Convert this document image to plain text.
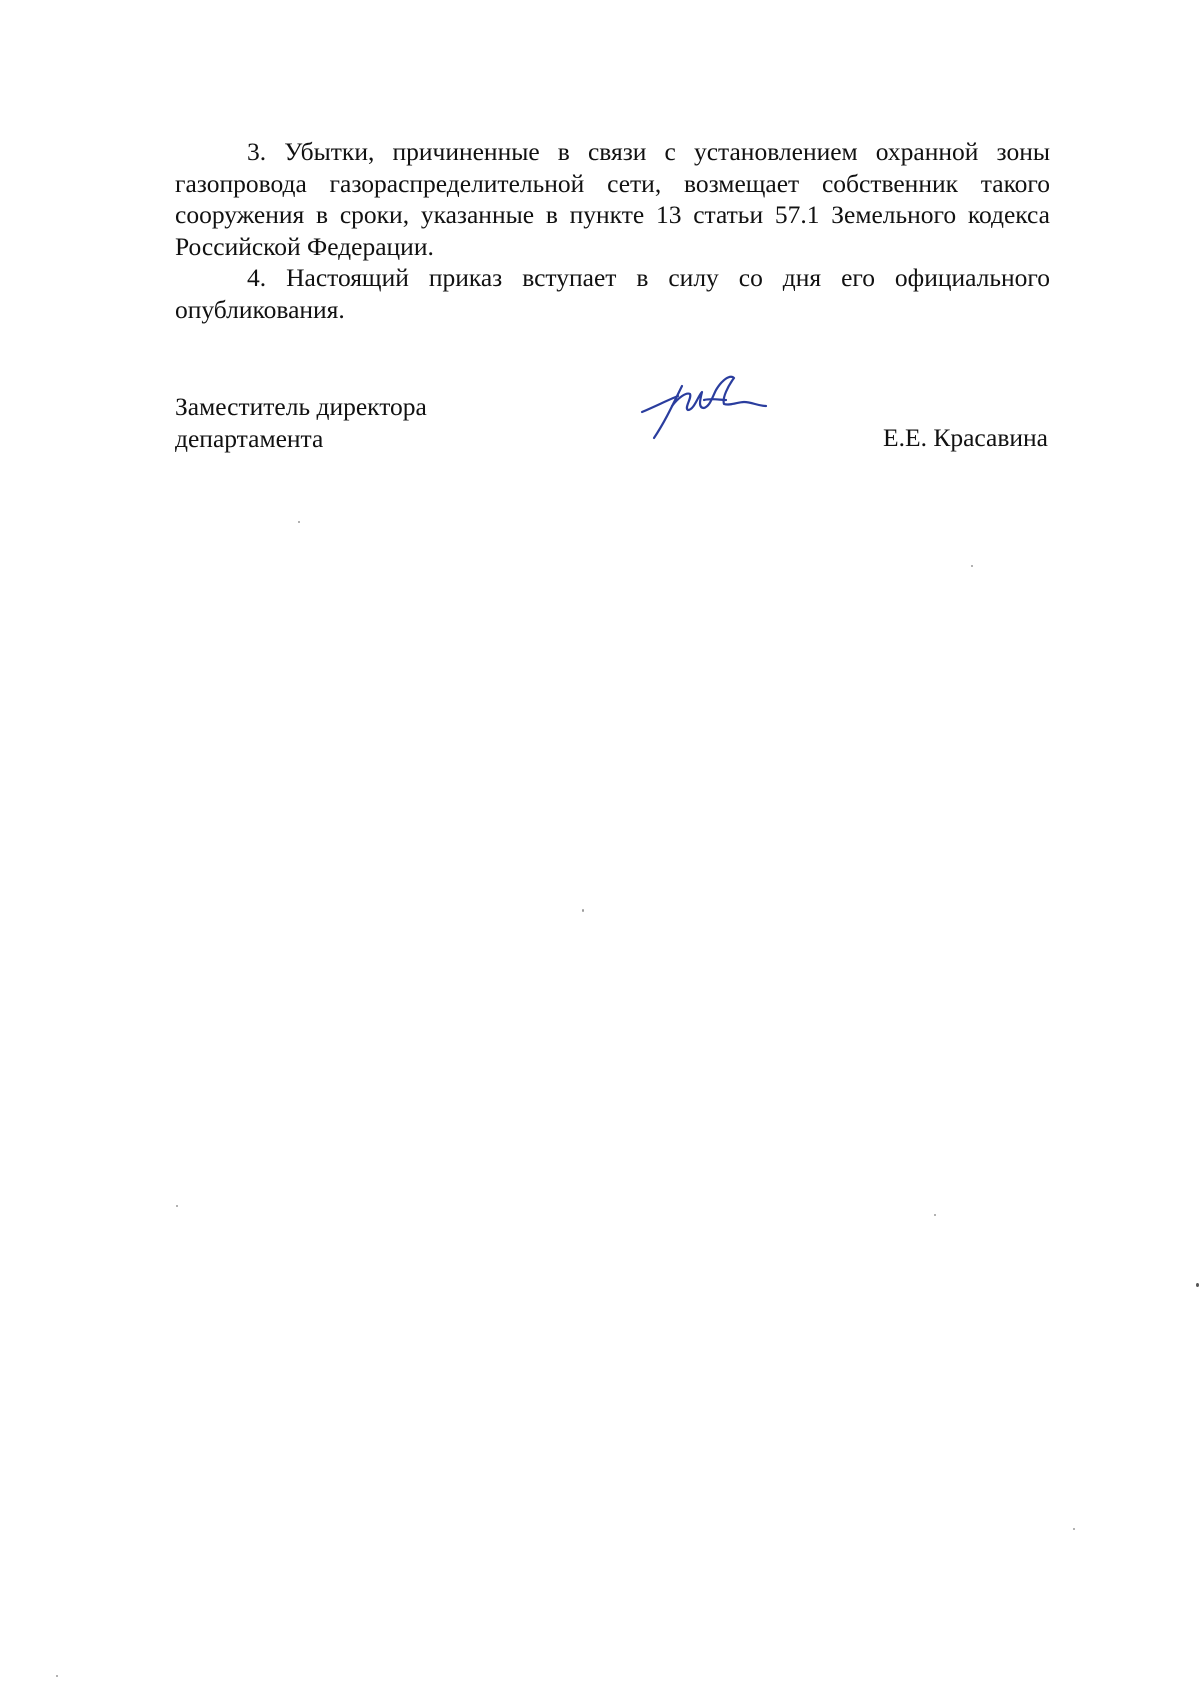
3. Убытки, причиненные в связи с установлением охранной зоны газопровода газораспределительной сети, возмещает собственник такого сооружения в сроки, указанные в пункте 13 статьи 57.1 Земельного кодекса Российской Федерации.

4. Настоящий приказ вступает в силу со дня его официального опубликования.

Заместитель директора
департамента	Е.Е. Красавина
